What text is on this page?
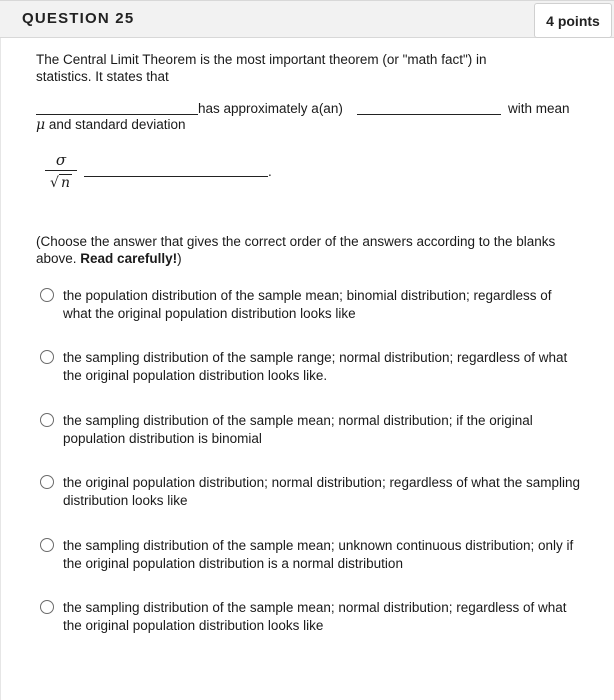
QUESTION 25	4 points
The Central Limit Theorem is the most important theorem (or "math fact") in statistics. It states that
has approximately a(an)	with mean
μ and standard deviation
σ
√ n
.
(Choose the answer that gives the correct order of the answers according to the blanks above. Read carefully!)
the population distribution of the sample mean; binomial distribution; regardless of what the original population distribution looks like
the sampling distribution of the sample range; normal distribution; regardless of what the original population distribution looks like.
the sampling distribution of the sample mean; normal distribution; if the original population distribution is binomial
the original population distribution; normal distribution; regardless of what the sampling distribution looks like
the sampling distribution of the sample mean; unknown continuous distribution; only if the original population distribution is a normal distribution
the sampling distribution of the sample mean; normal distribution; regardless of what the original population distribution looks like
